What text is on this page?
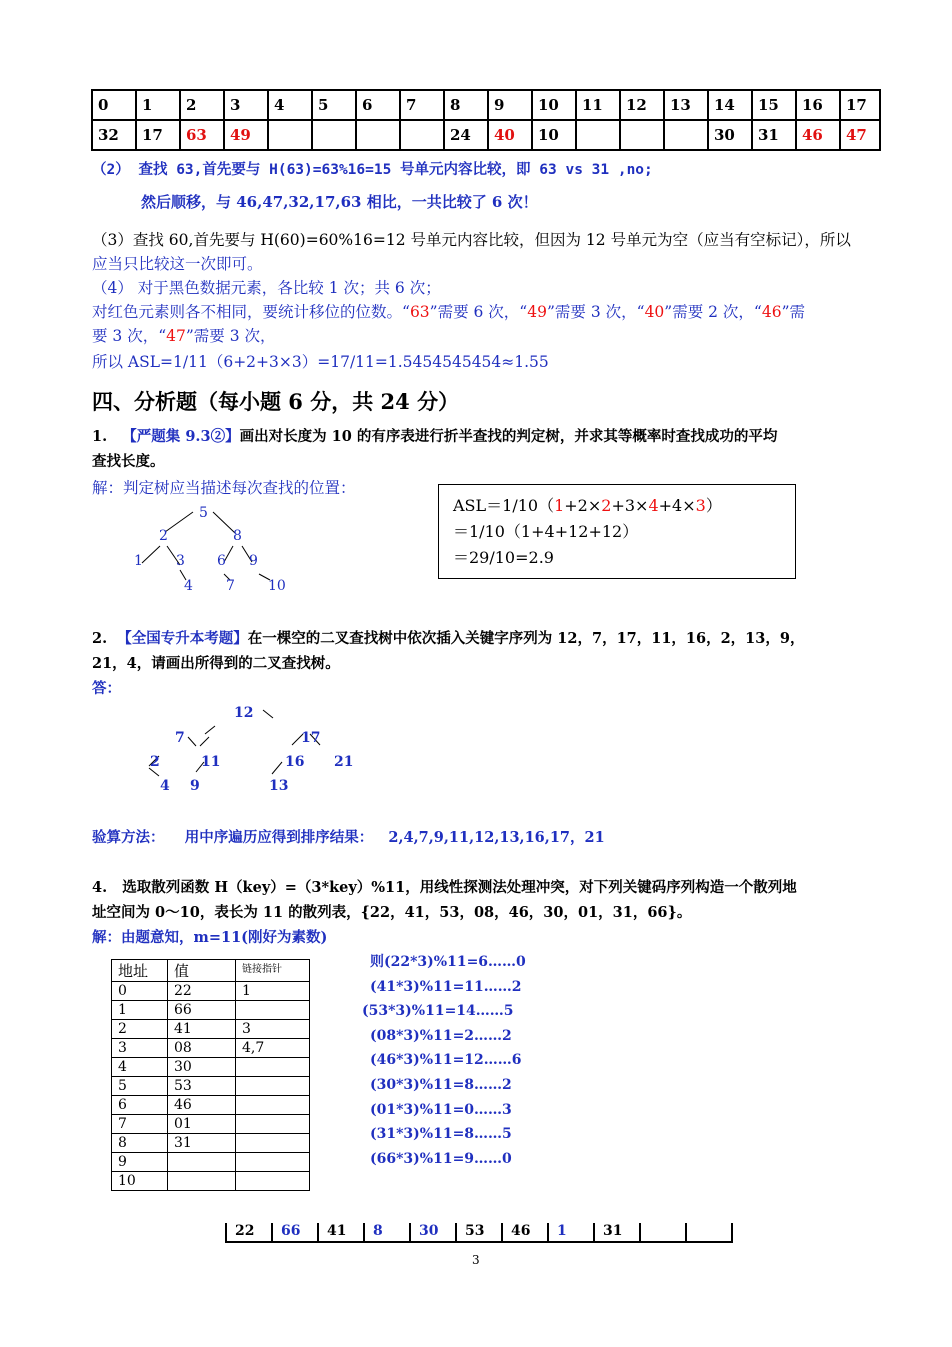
0	1	2	3	4	5	6	7	8	9	10	11	12	13	14	15	16	17
32	17	63	49					24	40	10				30	31	46	47
（2） 查找 63,首先要与 H(63)=63%16=15 号单元内容比较，即 63 vs 31 ,no;
然后顺移，与 46,47,32,17,63 相比，一共比较了 6 次！
（3）查找 60,首先要与 H(60)=60%16=12 号单元内容比较，但因为 12 号单元为空（应当有空标记），所以
应当只比较这一次即可。
（4） 对于黑色数据元素，各比较 1 次；共 6 次；
对红色元素则各不相同，要统计移位的位数。“63”需要 6 次，“49”需要 3 次，“40”需要 2 次，“46”需
要 3 次，“47”需要 3 次，
所以 ASL=1/11（6+2+3×3）=17/11=1.5454545454≈1.55
四、分析题（每小题 6 分，共 24 分）
1. 【严题集 9.3②】画出对长度为 10 的有序表进行折半查找的判定树，并求其等概率时查找成功的平均
查找长度。
解：判定树应当描述每次查找的位置：
5
2	8
1 3 6 9
4 7 10
ASL＝1/10（1+2×2+3×4+4×3）
＝1/10（1+4+12+12）
＝29/10=2.9
2. 【全国专升本考题】在一棵空的二叉查找树中依次插入关键字序列为 12，7，17，11，16，2，13，9，
21，4，请画出所得到的二叉查找树。
答：
12
7	17
2	11	16 21
4 9	13
验算方法： 用中序遍历应得到排序结果： 2,4,7,9,11,12,13,16,17，21
4. 选取散列函数 H（key）=（3*key）%11，用线性探测法处理冲突，对下列关键码序列构造一个散列地
址空间为 0～10，表长为 11 的散列表，{22，41，53，08，46，30，01，31，66}。
解：由题意知，m=11(刚好为素数)
地址	值	链接指针
0	22	1
1	66	
2	41	3
3	08	4,7
4	30	
5	53	
6	46	
7	01	
8	31	
9		
10		
则(22*3)%11=6……0
(41*3)%11=11……2
(53*3)%11=14……5
(08*3)%11=2……2
(46*3)%11=12……6
(30*3)%11=8……2
(01*3)%11=0……3
(31*3)%11=8……5
(66*3)%11=9……0
22	66	41	8	30	53	46	1	31		
3
